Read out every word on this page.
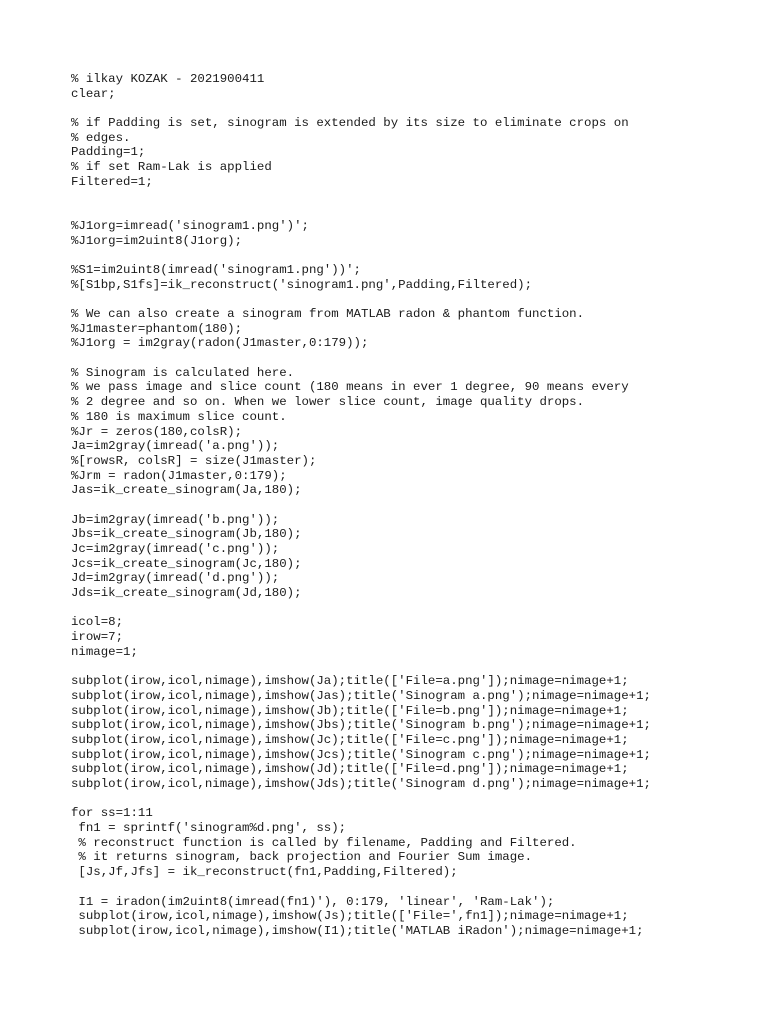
% ilkay KOZAK - 2021900411
clear;
% if Padding is set, sinogram is extended by its size to eliminate crops on
% edges.
Padding=1;
% if set Ram-Lak is applied
Filtered=1;
%J1org=imread('sinogram1.png')';
%J1org=im2uint8(J1org);
%S1=im2uint8(imread('sinogram1.png'))';
%[S1bp,S1fs]=ik_reconstruct('sinogram1.png',Padding,Filtered);
% We can also create a sinogram from MATLAB radon & phantom function.
%J1master=phantom(180);
%J1org = im2gray(radon(J1master,0:179));
% Sinogram is calculated here.
% we pass image and slice count (180 means in ever 1 degree, 90 means every
% 2 degree and so on. When we lower slice count, image quality drops.
% 180 is maximum slice count.
%Jr = zeros(180,colsR);
Ja=im2gray(imread('a.png'));
%[rowsR, colsR] = size(J1master);
%Jrm = radon(J1master,0:179);
Jas=ik_create_sinogram(Ja,180);
Jb=im2gray(imread('b.png'));
Jbs=ik_create_sinogram(Jb,180);
Jc=im2gray(imread('c.png'));
Jcs=ik_create_sinogram(Jc,180);
Jd=im2gray(imread('d.png'));
Jds=ik_create_sinogram(Jd,180);
icol=8;
irow=7;
nimage=1;
subplot(irow,icol,nimage),imshow(Ja);title(['File=a.png']);nimage=nimage+1;
subplot(irow,icol,nimage),imshow(Jas);title('Sinogram a.png');nimage=nimage+1;
subplot(irow,icol,nimage),imshow(Jb);title(['File=b.png']);nimage=nimage+1;
subplot(irow,icol,nimage),imshow(Jbs);title('Sinogram b.png');nimage=nimage+1;
subplot(irow,icol,nimage),imshow(Jc);title(['File=c.png']);nimage=nimage+1;
subplot(irow,icol,nimage),imshow(Jcs);title('Sinogram c.png');nimage=nimage+1;
subplot(irow,icol,nimage),imshow(Jd);title(['File=d.png']);nimage=nimage+1;
subplot(irow,icol,nimage),imshow(Jds);title('Sinogram d.png');nimage=nimage+1;
for ss=1:11
fn1 = sprintf('sinogram%d.png', ss);
% reconstruct function is called by filename, Padding and Filtered.
% it returns sinogram, back projection and Fourier Sum image.
[Js,Jf,Jfs] = ik_reconstruct(fn1,Padding,Filtered);
I1 = iradon(im2uint8(imread(fn1)'), 0:179, 'linear', 'Ram-Lak');
subplot(irow,icol,nimage),imshow(Js);title(['File=',fn1]);nimage=nimage+1;
subplot(irow,icol,nimage),imshow(I1);title('MATLAB iRadon');nimage=nimage+1;
